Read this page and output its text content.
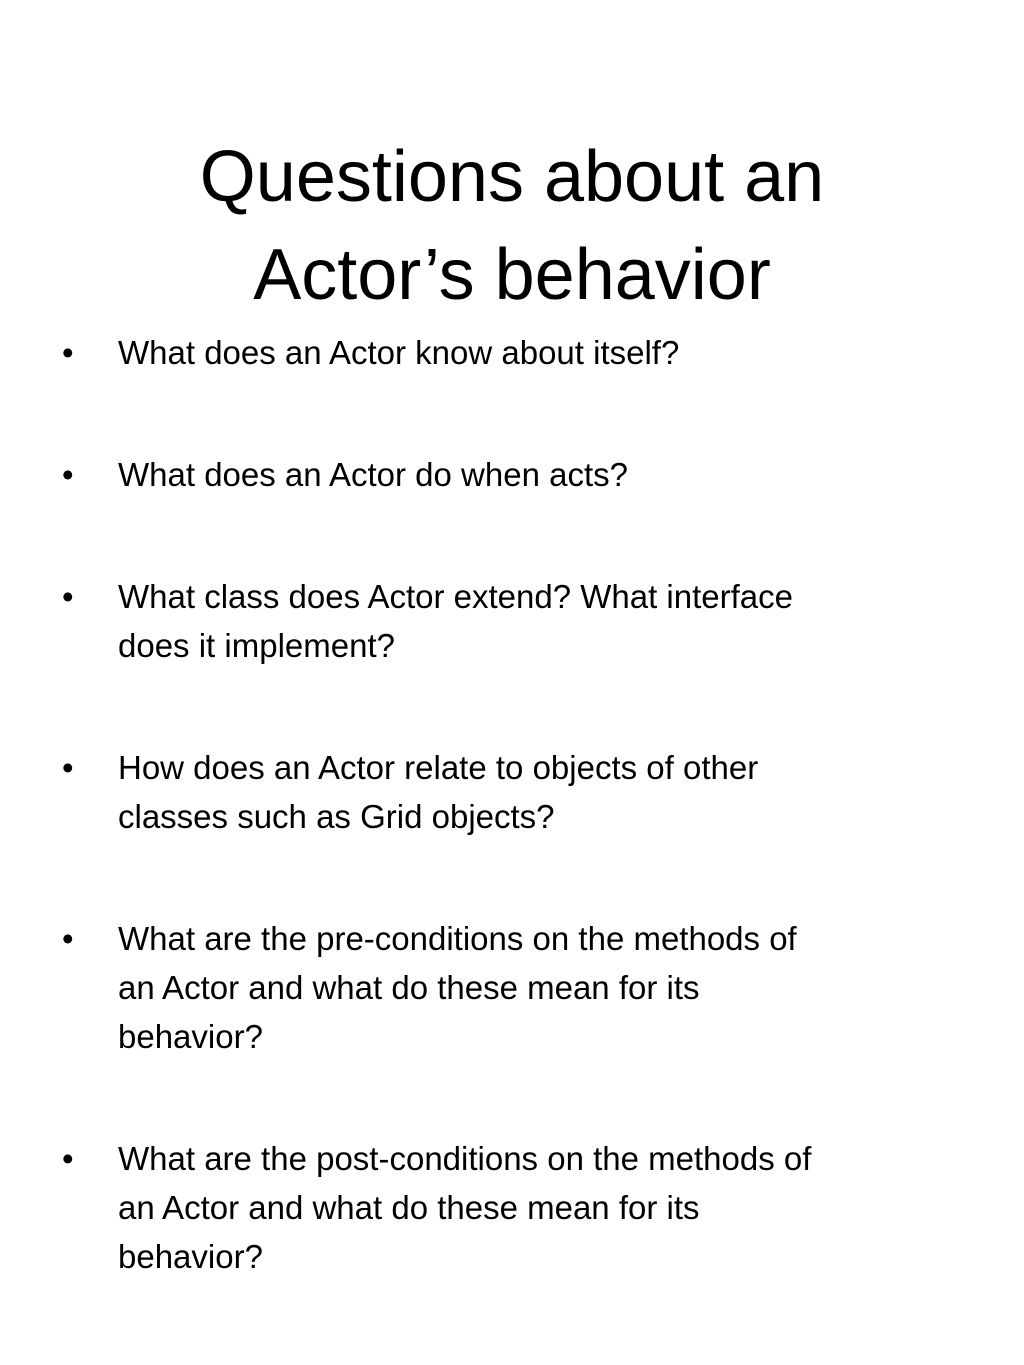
Questions about an
Actor’s behavior
• What does an Actor know about itself?
• What does an Actor do when acts?
• What class does Actor extend? What interface
does it implement?
• How does an Actor relate to objects of other
classes such as Grid objects?
• What are the pre-conditions on the methods of
an Actor and what do these mean for its
behavior?
• What are the post-conditions on the methods of
an Actor and what do these mean for its
behavior?
